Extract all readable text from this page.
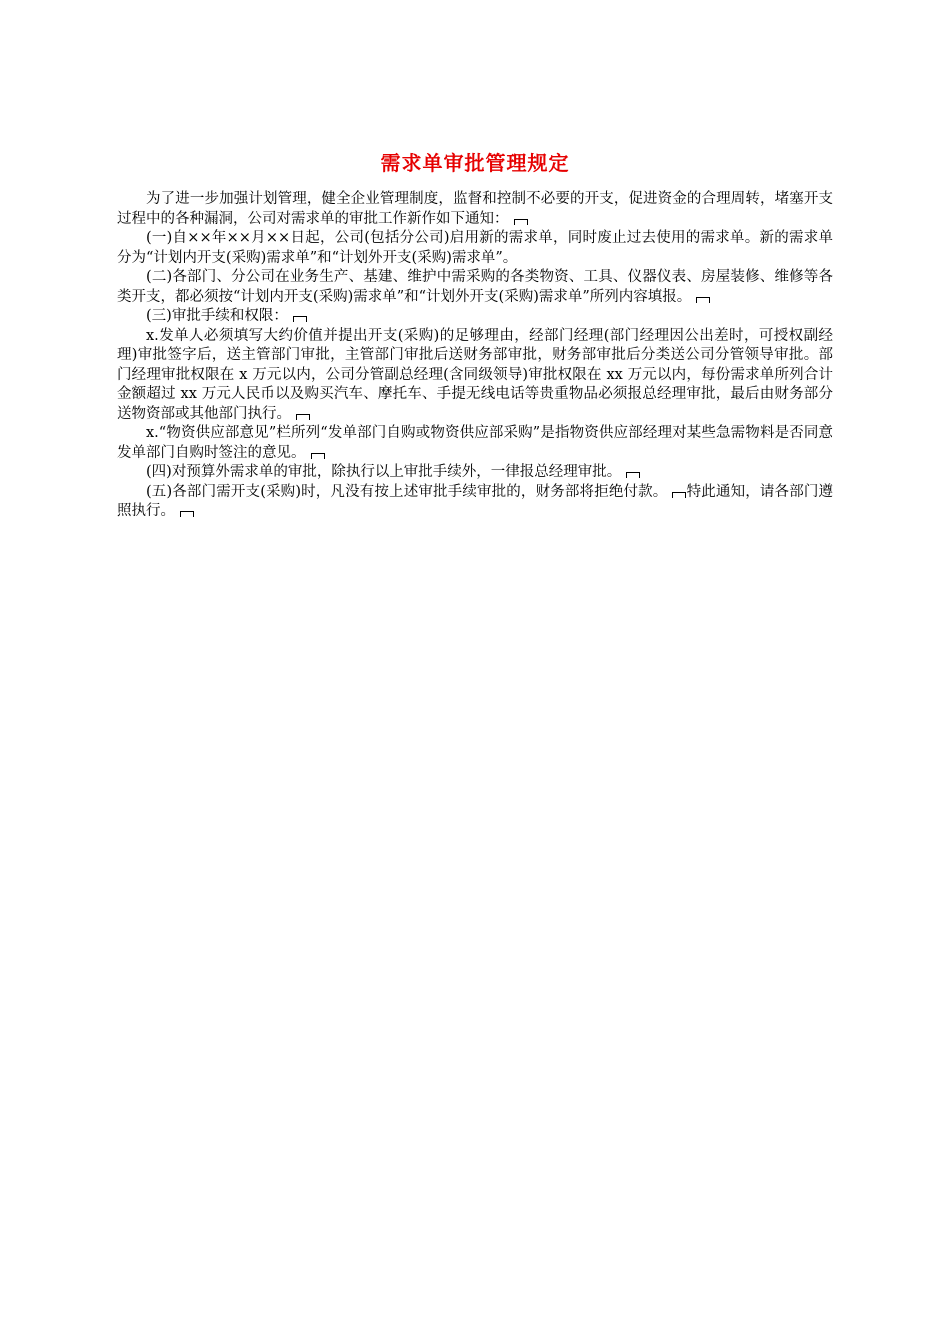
需求单审批管理规定

为了进一步加强计划管理，健全企业管理制度，监督和控制不必要的开支，促进资金的合理周转，堵塞开支过程中的各种漏洞，公司对需求单的审批工作新作如下通知：

(一)自××年××月××日起，公司(包括分公司)启用新的需求单，同时废止过去使用的需求单。新的需求单分为“计划内开支(采购)需求单”和“计划外开支(采购)需求单”。

(二)各部门、分公司在业务生产、基建、维护中需采购的各类物资、工具、仪器仪表、房屋装修、维修等各类开支，都必须按“计划内开支(采购)需求单”和“计划外开支(采购)需求单”所列内容填报。

(三)审批手续和权限：

x.发单人必须填写大约价值并提出开支(采购)的足够理由，经部门经理(部门经理因公出差时，可授权副经理)审批签字后，送主管部门审批，主管部门审批后送财务部审批，财务部审批后分类送公司分管领导审批。部门经理审批权限在 x 万元以内，公司分管副总经理(含同级领导)审批权限在 xx 万元以内，每份需求单所列合计金额超过 xx 万元人民币以及购买汽车、摩托车、手提无线电话等贵重物品必须报总经理审批，最后由财务部分送物资部或其他部门执行。

x.“物资供应部意见”栏所列“发单部门自购或物资供应部采购”是指物资供应部经理对某些急需物料是否同意发单部门自购时签注的意见。

(四)对预算外需求单的审批，除执行以上审批手续外，一律报总经理审批。

(五)各部门需开支(采购)时，凡没有按上述审批手续审批的，财务部将拒绝付款。 特此通知，请各部门遵照执行。
